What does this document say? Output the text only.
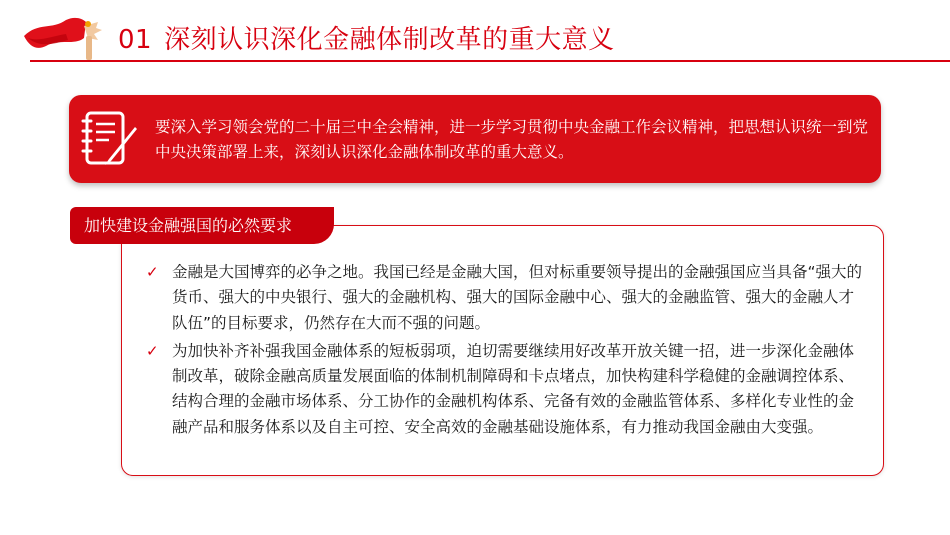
01 深刻认识深化金融体制改革的重大意义

要深入学习领会党的二十届三中全会精神，进一步学习贯彻中央金融工作会议精神，把思想认识统一到党中央决策部署上来，深刻认识深化金融体制改革的重大意义。

加快建设金融强国的必然要求
✓ 金融是大国博弈的必争之地。我国已经是金融大国，但对标重要领导提出的金融强国应当具备“强大的货币、强大的中央银行、强大的金融机构、强大的国际金融中心、强大的金融监管、强大的金融人才队伍”的目标要求，仍然存在大而不强的问题。
✓ 为加快补齐补强我国金融体系的短板弱项，迫切需要继续用好改革开放关键一招，进一步深化金融体制改革，破除金融高质量发展面临的体制机制障碍和卡点堵点，加快构建科学稳健的金融调控体系、结构合理的金融市场体系、分工协作的金融机构体系、完备有效的金融监管体系、多样化专业性的金融产品和服务体系以及自主可控、安全高效的金融基础设施体系，有力推动我国金融由大变强。
